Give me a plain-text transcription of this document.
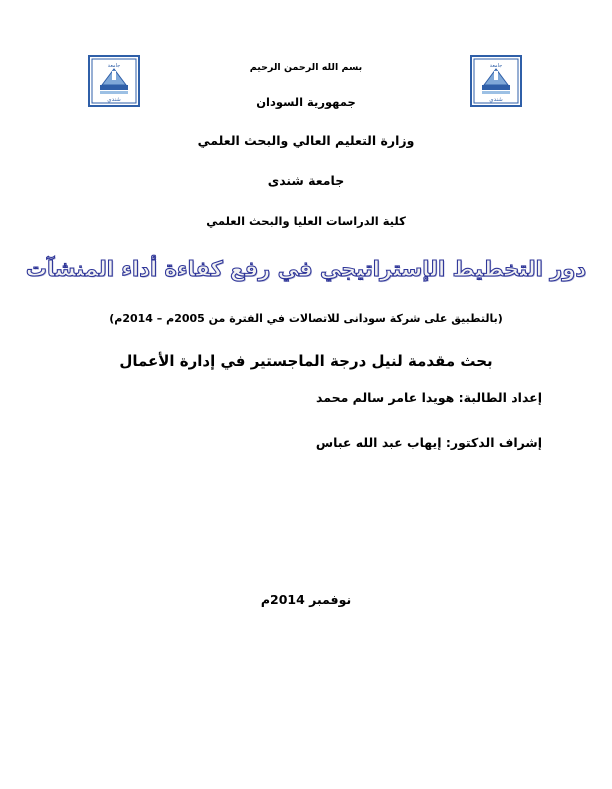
جامعة
شندي
جامعة
شندي
بسم الله الرحمن الرحيم
جمهورية السودان
وزارة التعليم العالي والبحث العلمي
جامعة شندى
كلية الدراسات العليا والبحث العلمي
دور التخطيط الإستراتيجي في رفع كفاءة أداء المنشآت
(بالتطبيق على شركة سودانى للاتصالات في الفترة من 2005م – 2014م)
بحث مقدمة لنيل درجة الماجستير في إدارة الأعمال
إعداد الطالبة: هويدا عامر سالم محمد
إشراف الدكتور: إيهاب عبد الله عباس
نوفمبر 2014م
